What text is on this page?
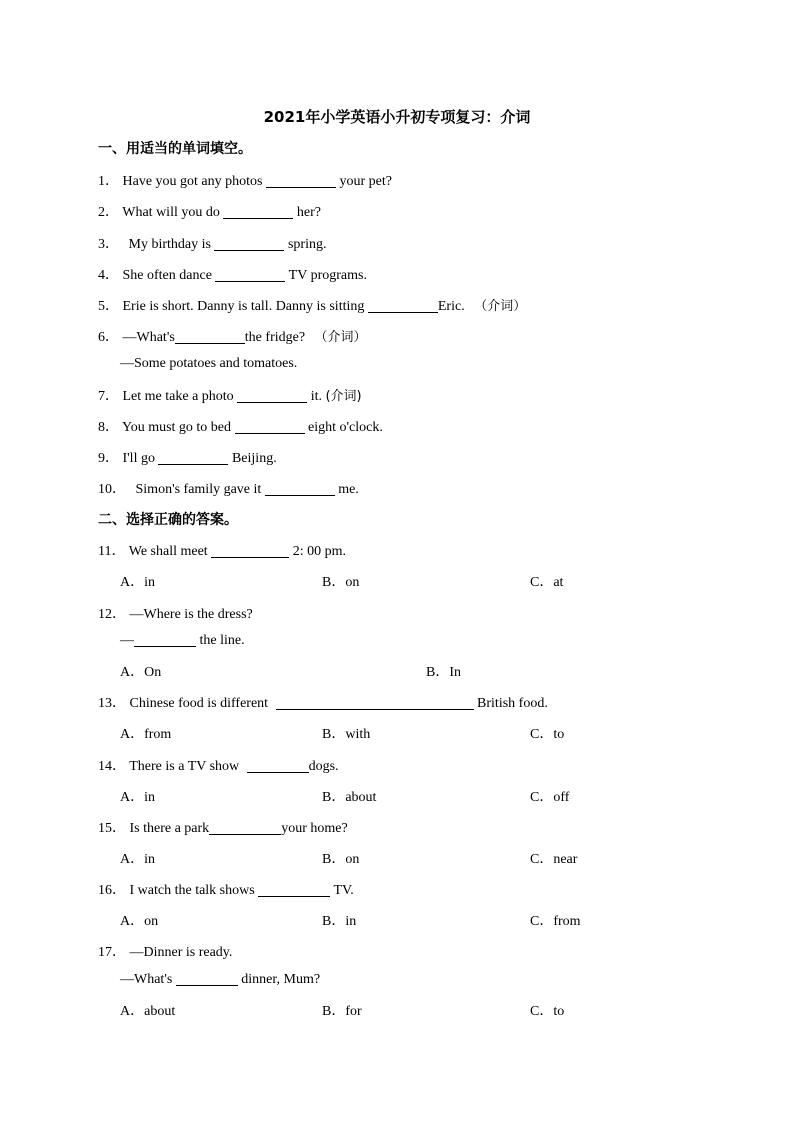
2021年小学英语小升初专项复习：介词
一、用适当的单词填空。
1． Have you got any photos	your pet?
2． What will you do	her?
3． My birthday is	spring.
4． She often dance	TV programs.
5． Erie is short. Danny is tall. Danny is sitting	Eric. （介词）
6． —What's	the fridge? （介词）
—Some potatoes and tomatoes.
7． Let me take a photo	it. (介词)
8． You must go to bed	eight o'clock.
9． I'll go	Beijing.
10． Simon's family gave it	me.
二、选择正确的答案。
11． We shall meet	2: 00 pm.
A．in	B．on	C．at
12． —Where is the dress?
—	the line.
A．On	B．In
13． Chinese food is different	British food.
A．from	B．with	C．to
14． There is a TV show	dogs.
A．in	B．about	C．off
15． Is there a park	your home?
A．in	B．on	C．near
16． I watch the talk shows	TV.
A．on	B．in	C．from
17． —Dinner is ready.
—What's	dinner, Mum?
A．about	B．for	C．to
